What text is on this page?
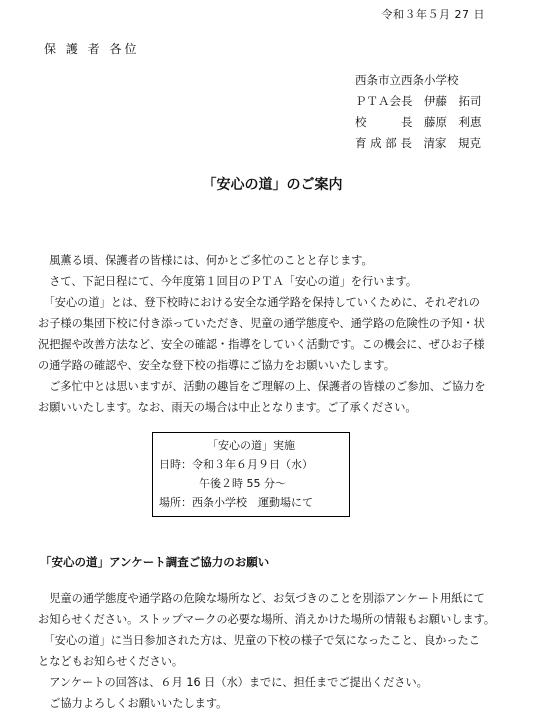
令和３年５月 27 日
保 護 者 各位
西条市立西条小学校
ＰＴＡ会長　伊藤　拓司
校　　　長　藤原　利恵
育 成 部 長　清家　規克
「安心の道」のご案内

　風薫る頃、保護者の皆様には、何かとご多忙のことと存じます。

　さて、下記日程にて、今年度第１回目のＰＴＡ「安心の道」を行います。

　「安心の道」とは、登下校時における安全な通学路を保持していくために、それぞれの

お子様の集団下校に付き添っていただき、児童の通学態度や、通学路の危険性の予知・状

況把握や改善方法など、安全の確認・指導をしていく活動です。この機会に、ぜひお子様

の通学路の確認や、安全な登下校の指導にご協力をお願いいたします。

　ご多忙中とは思いますが、活動の趣旨をご理解の上、保護者の皆様のご参加、ご協力を

お願いいたします。なお、雨天の場合は中止となります。ご了承ください。

「安心の道」実施
日時：令和３年６月９日（水）
午後２時 55 分～
場所：西条小学校　運動場にて
「安心の道」アンケート調査ご協力のお願い

　児童の通学態度や通学路の危険な場所など、お気づきのことを別添アンケート用紙にて

お知らせください。ストップマークの必要な場所、消えかけた場所の情報もお願いします。

　「安心の道」に当日参加された方は、児童の下校の様子で気になったこと、良かったこ

となどもお知らせください。

　アンケートの回答は、６月 16 日（水）までに、担任までご提出ください。

　ご協力よろしくお願いいたします。
